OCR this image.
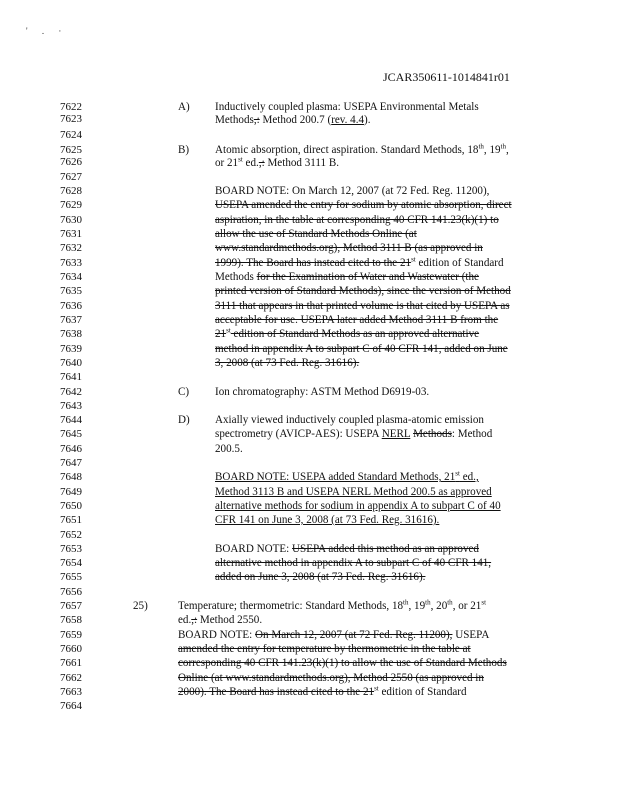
' . ·
JCAR350611-1014841r01
7622
7623
7624
7625
7626
7627
7628
7629
7630
7631
7632
7633
7634
7635
7636
7637
7638
7639
7640
7641
7642
7643
7644
7645
7646
7647
7648
7649
7650
7651
7652
7653
7654
7655
7656
7657
7658
7659
7660
7661
7662
7663
7664
A) Inductively coupled plasma: USEPA Environmental Metals
Methods,: Method 200.7 (rev. 4.4).
B) Atomic absorption, direct aspiration. Standard Methods, 18th, 19th,
or 21st ed.,: Method 3111 B.
BOARD NOTE: On March 12, 2007 (at 72 Fed. Reg. 11200),
USEPA amended the entry for sodium by atomic absorption, direct
aspiration, in the table at corresponding 40 CFR 141.23(k)(1) to
allow the use of Standard Methods Online (at
www.standardmethods.org), Method 3111 B (as approved in
1999). The Board has instead cited to the 21st edition of Standard
Methods for the Examination of Water and Wastewater (the
printed version of Standard Methods), since the version of Method
3111 that appears in that printed volume is that cited by USEPA as
acceptable for use. USEPA later added Method 3111 B from the
21st edition of Standard Methods as an approved alternative
method in appendix A to subpart C of 40 CFR 141, added on June
3, 2008 (at 73 Fed. Reg. 31616).
C) Ion chromatography: ASTM Method D6919-03.
D) Axially viewed inductively coupled plasma-atomic emission
spectrometry (AVICP-AES): USEPA NERL Methods: Method
200.5.
BOARD NOTE: USEPA added Standard Methods, 21st ed.,
Method 3113 B and USEPA NERL Method 200.5 as approved
alternative methods for sodium in appendix A to subpart C of 40
CFR 141 on June 3, 2008 (at 73 Fed. Reg. 31616).
BOARD NOTE: USEPA added this method as an approved
alternative method in appendix A to subpart C of 40 CFR 141,
added on June 3, 2008 (at 73 Fed. Reg. 31616).
25)	Temperature; thermometric: Standard Methods, 18th, 19th, 20th, or 21st
ed.,: Method 2550.
BOARD NOTE: On March 12, 2007 (at 72 Fed. Reg. 11200), USEPA
amended the entry for temperature by thermometric in the table at
corresponding 40 CFR 141.23(k)(1) to allow the use of Standard Methods
Online (at www.standardmethods.org), Method 2550 (as approved in
2000). The Board has instead cited to the 21st edition of Standard
